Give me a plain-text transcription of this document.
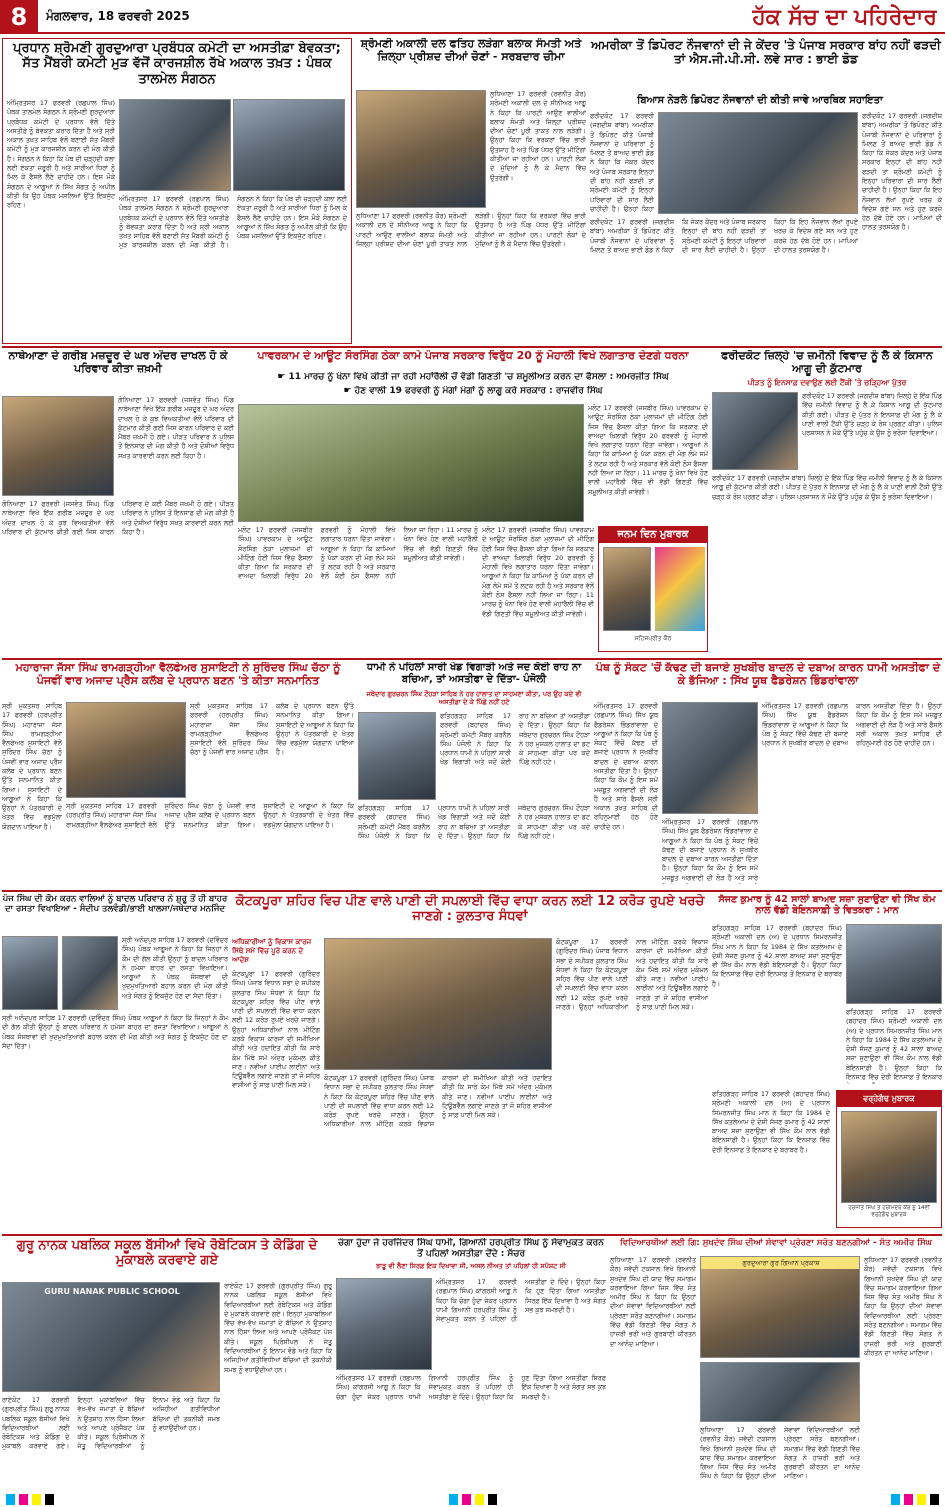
8	ਮੰਗਲਵਾਰ, 18 ਫਰਵਰੀ 2025	ਹੱਕ ਸੱਚ ਦਾ ਪਹਿਰੇਦਾਰ
ਪ੍ਰਧਾਨ ਸ਼੍ਰੋਮਣੀ ਗੁਰਦੁਆਰਾ ਪ੍ਰਬੰਧਕ ਕਮੇਟੀ ਦਾ ਅਸਤੀਫ਼ਾ ਬੇਵਕਤਾ; ਸੱਤ ਮੈਂਬਰੀ ਕਮੇਟੀ ਮੁੜ ਵੱਜੋਂ ਕਾਰਜਸ਼ੀਲ ਰੱਖੇ ਅਕਾਲ ਤਖ਼ਤ : ਪੰਥਕ ਤਾਲਮੇਲ ਸੰਗਠਨ
ਅੰਮ੍ਰਿਤਸਰ 17 ਫਰਵਰੀ (ਰਛਪਾਲ ਸਿੰਘ) ਪੰਥਕ ਤਾਲਮੇਲ ਸੰਗਠਨ ਨੇ ਸ਼੍ਰੋਮਣੀ ਗੁਰਦੁਆਰਾ ਪ੍ਰਬੰਧਕ ਕਮੇਟੀ ਦੇ ਪ੍ਰਧਾਨ ਵੱਲੋਂ ਦਿੱਤੇ ਅਸਤੀਫ਼ੇ ਨੂੰ ਬੇਵਕਤਾ ਕਰਾਰ ਦਿੱਤਾ ਹੈ ਅਤੇ ਸ੍ਰੀ ਅਕਾਲ ਤਖ਼ਤ ਸਾਹਿਬ ਵੱਲੋਂ ਬਣਾਈ ਸੱਤ ਮੈਂਬਰੀ ਕਮੇਟੀ ਨੂੰ ਮੁੜ ਕਾਰਜਸ਼ੀਲ ਕਰਨ ਦੀ ਮੰਗ ਕੀਤੀ ਹੈ। ਸੰਗਠਨ ਨੇ ਕਿਹਾ ਕਿ ਪੰਥ ਦੀ ਚੜ੍ਹਦੀ ਕਲਾ ਲਈ ਏਕਤਾ ਜ਼ਰੂਰੀ ਹੈ ਅਤੇ ਸਾਰੀਆਂ ਧਿਰਾਂ ਨੂੰ ਮਿਲ ਕੇ ਫੈਸਲੇ ਲੈਣੇ ਚਾਹੀਦੇ ਹਨ। ਇਸ ਮੌਕੇ ਸੰਗਠਨ ਦੇ ਆਗੂਆਂ ਨੇ ਸਿੱਖ ਸੰਗਤ ਨੂੰ ਅਪੀਲ ਕੀਤੀ ਕਿ ਉਹ ਪੰਥਕ ਮਸਲਿਆਂ ਉੱਤੇ ਇਕਜੁੱਟ ਰਹਿਣ।
ਅੰਮ੍ਰਿਤਸਰ 17 ਫਰਵਰੀ (ਰਛਪਾਲ ਸਿੰਘ) ਪੰਥਕ ਤਾਲਮੇਲ ਸੰਗਠਨ ਨੇ ਸ਼੍ਰੋਮਣੀ ਗੁਰਦੁਆਰਾ ਪ੍ਰਬੰਧਕ ਕਮੇਟੀ ਦੇ ਪ੍ਰਧਾਨ ਵੱਲੋਂ ਦਿੱਤੇ ਅਸਤੀਫ਼ੇ ਨੂੰ ਬੇਵਕਤਾ ਕਰਾਰ ਦਿੱਤਾ ਹੈ ਅਤੇ ਸ੍ਰੀ ਅਕਾਲ ਤਖ਼ਤ ਸਾਹਿਬ ਵੱਲੋਂ ਬਣਾਈ ਸੱਤ ਮੈਂਬਰੀ ਕਮੇਟੀ ਨੂੰ ਮੁੜ ਕਾਰਜਸ਼ੀਲ ਕਰਨ ਦੀ ਮੰਗ ਕੀਤੀ ਹੈ। ਸੰਗਠਨ ਨੇ ਕਿਹਾ ਕਿ ਪੰਥ ਦੀ ਚੜ੍ਹਦੀ ਕਲਾ ਲਈ ਏਕਤਾ ਜ਼ਰੂਰੀ ਹੈ ਅਤੇ ਸਾਰੀਆਂ ਧਿਰਾਂ ਨੂੰ ਮਿਲ ਕੇ ਫੈਸਲੇ ਲੈਣੇ ਚਾਹੀਦੇ ਹਨ। ਇਸ ਮੌਕੇ ਸੰਗਠਨ ਦੇ ਆਗੂਆਂ ਨੇ ਸਿੱਖ ਸੰਗਤ ਨੂੰ ਅਪੀਲ ਕੀਤੀ ਕਿ ਉਹ ਪੰਥਕ ਮਸਲਿਆਂ ਉੱਤੇ ਇਕਜੁੱਟ ਰਹਿਣ।
ਸ਼੍ਰੋਮਣੀ ਅਕਾਲੀ ਦਲ ਫਤਿਹ ਲੜੇਗਾ ਬਲਾਕ ਸੰਮਤੀ ਅਤੇ ਜ਼ਿਲ੍ਹਾ ਪ੍ਰੀਸ਼ਦ ਦੀਆਂ ਚੋਣਾਂ - ਸਰਬਦਾਰ ਚੀਮਾ
ਲੁਧਿਆਣਾ 17 ਫਰਵਰੀ (ਰਵਨੀਤ ਕੌਰ) ਸ਼੍ਰੋਮਣੀ ਅਕਾਲੀ ਦਲ ਦੇ ਸੀਨੀਅਰ ਆਗੂ ਨੇ ਕਿਹਾ ਕਿ ਪਾਰਟੀ ਆਉਣ ਵਾਲੀਆਂ ਬਲਾਕ ਸੰਮਤੀ ਅਤੇ ਜ਼ਿਲ੍ਹਾ ਪ੍ਰੀਸ਼ਦ ਦੀਆਂ ਚੋਣਾਂ ਪੂਰੀ ਤਾਕਤ ਨਾਲ ਲੜੇਗੀ। ਉਨ੍ਹਾਂ ਕਿਹਾ ਕਿ ਵਰਕਰਾਂ ਵਿੱਚ ਭਾਰੀ ਉਤਸ਼ਾਹ ਹੈ ਅਤੇ ਪਿੰਡ ਪੱਧਰ ਉੱਤੇ ਮੀਟਿੰਗਾਂ ਕੀਤੀਆਂ ਜਾ ਰਹੀਆਂ ਹਨ। ਪਾਰਟੀ ਲੋਕਾਂ ਦੇ ਮੁੱਦਿਆਂ ਨੂੰ ਲੈ ਕੇ ਮੈਦਾਨ ਵਿੱਚ ਉਤਰੇਗੀ।
ਲੁਧਿਆਣਾ 17 ਫਰਵਰੀ (ਰਵਨੀਤ ਕੌਰ) ਸ਼੍ਰੋਮਣੀ ਅਕਾਲੀ ਦਲ ਦੇ ਸੀਨੀਅਰ ਆਗੂ ਨੇ ਕਿਹਾ ਕਿ ਪਾਰਟੀ ਆਉਣ ਵਾਲੀਆਂ ਬਲਾਕ ਸੰਮਤੀ ਅਤੇ ਜ਼ਿਲ੍ਹਾ ਪ੍ਰੀਸ਼ਦ ਦੀਆਂ ਚੋਣਾਂ ਪੂਰੀ ਤਾਕਤ ਨਾਲ ਲੜੇਗੀ। ਉਨ੍ਹਾਂ ਕਿਹਾ ਕਿ ਵਰਕਰਾਂ ਵਿੱਚ ਭਾਰੀ ਉਤਸ਼ਾਹ ਹੈ ਅਤੇ ਪਿੰਡ ਪੱਧਰ ਉੱਤੇ ਮੀਟਿੰਗਾਂ ਕੀਤੀਆਂ ਜਾ ਰਹੀਆਂ ਹਨ। ਪਾਰਟੀ ਲੋਕਾਂ ਦੇ ਮੁੱਦਿਆਂ ਨੂੰ ਲੈ ਕੇ ਮੈਦਾਨ ਵਿੱਚ ਉਤਰੇਗੀ।
ਅਮਰੀਕਾ ਤੋਂ ਡਿਪੋਰਟ ਨੌਜਵਾਨਾਂ ਦੀ ਜੇ ਕੇਂਦਰ 'ਤੇ ਪੰਜਾਬ ਸਰਕਾਰ ਬਾਂਹ ਨਹੀਂ ਫੜਦੀ ਤਾਂ ਐਸ.ਜੀ.ਪੀ.ਸੀ. ਲਵੇ ਸਾਰ : ਭਾਈ ਡੋਡ
ਬਿਆਸ ਨੇੜਲੇ ਡਿਪੋਰਟ ਨੌਜਵਾਨਾਂ ਦੀ ਕੀਤੀ ਜਾਵੇ ਆਰਥਿਕ ਸਹਾਇਤਾ
ਫਰੀਦਕੋਟ 17 ਫਰਵਰੀ (ਜਗਦੀਸ਼ ਬਾਂਬਾ) ਅਮਰੀਕਾ ਤੋਂ ਡਿਪੋਰਟ ਕੀਤੇ ਪੰਜਾਬੀ ਨੌਜਵਾਨਾਂ ਦੇ ਪਰਿਵਾਰਾਂ ਨੂੰ ਮਿਲਣ ਤੋਂ ਬਾਅਦ ਭਾਈ ਡੋਡ ਨੇ ਕਿਹਾ ਕਿ ਜੇਕਰ ਕੇਂਦਰ ਅਤੇ ਪੰਜਾਬ ਸਰਕਾਰ ਇਨ੍ਹਾਂ ਦੀ ਬਾਂਹ ਨਹੀਂ ਫੜਦੀ ਤਾਂ ਸ਼੍ਰੋਮਣੀ ਕਮੇਟੀ ਨੂੰ ਇਨ੍ਹਾਂ ਪਰਿਵਾਰਾਂ ਦੀ ਸਾਰ ਲੈਣੀ ਚਾਹੀਦੀ ਹੈ। ਉਨ੍ਹਾਂ ਕਿਹਾ
ਫਰੀਦਕੋਟ 17 ਫਰਵਰੀ (ਜਗਦੀਸ਼ ਬਾਂਬਾ) ਅਮਰੀਕਾ ਤੋਂ ਡਿਪੋਰਟ ਕੀਤੇ ਪੰਜਾਬੀ ਨੌਜਵਾਨਾਂ ਦੇ ਪਰਿਵਾਰਾਂ ਨੂੰ ਮਿਲਣ ਤੋਂ ਬਾਅਦ ਭਾਈ ਡੋਡ ਨੇ ਕਿਹਾ ਕਿ ਜੇਕਰ ਕੇਂਦਰ ਅਤੇ ਪੰਜਾਬ ਸਰਕਾਰ ਇਨ੍ਹਾਂ ਦੀ ਬਾਂਹ ਨਹੀਂ ਫੜਦੀ ਤਾਂ ਸ਼੍ਰੋਮਣੀ ਕਮੇਟੀ ਨੂੰ ਇਨ੍ਹਾਂ ਪਰਿਵਾਰਾਂ ਦੀ ਸਾਰ ਲੈਣੀ ਚਾਹੀਦੀ ਹੈ। ਉਨ੍ਹਾਂ ਕਿਹਾ ਕਿ ਇਹ ਨੌਜਵਾਨ ਲੱਖਾਂ ਰੁਪਏ ਖਰਚ ਕੇ ਵਿਦੇਸ਼ ਗਏ ਸਨ ਅਤੇ ਹੁਣ ਕਰਜ਼ੇ ਹੇਠ ਦੱਬੇ ਹੋਏ ਹਨ। ਮਾਪਿਆਂ ਦੀ ਹਾਲਤ ਤਰਸਯੋਗ ਹੈ।
ਫਰੀਦਕੋਟ 17 ਫਰਵਰੀ (ਜਗਦੀਸ਼ ਬਾਂਬਾ) ਅਮਰੀਕਾ ਤੋਂ ਡਿਪੋਰਟ ਕੀਤੇ ਪੰਜਾਬੀ ਨੌਜਵਾਨਾਂ ਦੇ ਪਰਿਵਾਰਾਂ ਨੂੰ ਮਿਲਣ ਤੋਂ ਬਾਅਦ ਭਾਈ ਡੋਡ ਨੇ ਕਿਹਾ ਕਿ ਜੇਕਰ ਕੇਂਦਰ ਅਤੇ ਪੰਜਾਬ ਸਰਕਾਰ ਇਨ੍ਹਾਂ ਦੀ ਬਾਂਹ ਨਹੀਂ ਫੜਦੀ ਤਾਂ ਸ਼੍ਰੋਮਣੀ ਕਮੇਟੀ ਨੂੰ ਇਨ੍ਹਾਂ ਪਰਿਵਾਰਾਂ ਦੀ ਸਾਰ ਲੈਣੀ ਚਾਹੀਦੀ ਹੈ। ਉਨ੍ਹਾਂ ਕਿਹਾ ਕਿ ਇਹ ਨੌਜਵਾਨ ਲੱਖਾਂ ਰੁਪਏ ਖਰਚ ਕੇ ਵਿਦੇਸ਼ ਗਏ ਸਨ ਅਤੇ ਹੁਣ ਕਰਜ਼ੇ ਹੇਠ ਦੱਬੇ ਹੋਏ ਹਨ। ਮਾਪਿਆਂ ਦੀ ਹਾਲਤ ਤਰਸਯੋਗ ਹੈ।
ਨਾਥੇਆਣਾ ਦੇ ਗਰੀਬ ਮਜ਼ਦੂਰ ਦੇ ਘਰ ਅੰਦਰ ਦਾਖਲ ਹੋ ਕੇ ਪਰਿਵਾਰ ਕੀਤਾ ਜ਼ਖ਼ਮੀ
ਗੋਨਿਆਣਾ 17 ਫਰਵਰੀ (ਜਸਵੰਤ ਸਿੰਘ) ਪਿੰਡ ਨਾਥੇਆਣਾ ਵਿਖੇ ਇੱਕ ਗਰੀਬ ਮਜ਼ਦੂਰ ਦੇ ਘਰ ਅੰਦਰ ਦਾਖਲ ਹੋ ਕੇ ਕੁਝ ਵਿਅਕਤੀਆਂ ਵੱਲੋਂ ਪਰਿਵਾਰ ਦੀ ਕੁੱਟਮਾਰ ਕੀਤੀ ਗਈ ਜਿਸ ਕਾਰਨ ਪਰਿਵਾਰ ਦੇ ਕਈ ਮੈਂਬਰ ਜ਼ਖ਼ਮੀ ਹੋ ਗਏ। ਪੀੜਤ ਪਰਿਵਾਰ ਨੇ ਪੁਲਿਸ ਤੋਂ ਇਨਸਾਫ਼ ਦੀ ਮੰਗ ਕੀਤੀ ਹੈ ਅਤੇ ਦੋਸ਼ੀਆਂ ਵਿਰੁੱਧ ਸਖ਼ਤ ਕਾਰਵਾਈ ਕਰਨ ਲਈ ਕਿਹਾ ਹੈ।
ਗੋਨਿਆਣਾ 17 ਫਰਵਰੀ (ਜਸਵੰਤ ਸਿੰਘ) ਪਿੰਡ ਨਾਥੇਆਣਾ ਵਿਖੇ ਇੱਕ ਗਰੀਬ ਮਜ਼ਦੂਰ ਦੇ ਘਰ ਅੰਦਰ ਦਾਖਲ ਹੋ ਕੇ ਕੁਝ ਵਿਅਕਤੀਆਂ ਵੱਲੋਂ ਪਰਿਵਾਰ ਦੀ ਕੁੱਟਮਾਰ ਕੀਤੀ ਗਈ ਜਿਸ ਕਾਰਨ ਪਰਿਵਾਰ ਦੇ ਕਈ ਮੈਂਬਰ ਜ਼ਖ਼ਮੀ ਹੋ ਗਏ। ਪੀੜਤ ਪਰਿਵਾਰ ਨੇ ਪੁਲਿਸ ਤੋਂ ਇਨਸਾਫ਼ ਦੀ ਮੰਗ ਕੀਤੀ ਹੈ ਅਤੇ ਦੋਸ਼ੀਆਂ ਵਿਰੁੱਧ ਸਖ਼ਤ ਕਾਰਵਾਈ ਕਰਨ ਲਈ ਕਿਹਾ ਹੈ।
ਪਾਵਰਕਾਮ ਦੇ ਆਊਟ ਸੋਰਸਿੰਗ ਠੇਕਾ ਕਾਮੇ ਪੰਜਾਬ ਸਰਕਾਰ ਵਿਰੁੱਧ 20 ਨੂੰ ਮੋਹਾਲੀ ਵਿਖੇ ਲਗਾਤਾਰ ਦੇਣਗੇ ਧਰਨਾ
☛ 11 ਮਾਰਚ ਨੂੰ ਖੰਨਾ ਵਿਖੇ ਕੀਤੀ ਜਾ ਰਹੀ ਮਹਾਂਰੈਲੀ ਚੋਂ ਵੱਡੀ ਗਿਣਤੀ 'ਚ ਸ਼ਮੂਲੀਅਤ ਕਰਨ ਦਾ ਫੈਸਲਾ : ਅਮਰਜੀਤ ਸਿੰਘ
☛ ਹੋਣ ਵਾਲੀ 19 ਫਰਵਰੀ ਨੂੰ ਮੰਗਾਂ ਮੰਗਾਂ ਨੂੰ ਲਾਗੂ ਕਰੇ ਸਰਕਾਰ : ਰਾਜਵੀਰ ਸਿੰਘ
ਮਲੋਟ 17 ਫਰਵਰੀ (ਜਸਬੀਰ ਸਿੰਘ) ਪਾਵਰਕਾਮ ਦੇ ਆਊਟ ਸੋਰਸਿੰਗ ਠੇਕਾ ਮੁਲਾਜ਼ਮਾਂ ਦੀ ਮੀਟਿੰਗ ਹੋਈ ਜਿਸ ਵਿੱਚ ਫੈਸਲਾ ਕੀਤਾ ਗਿਆ ਕਿ ਸਰਕਾਰ ਦੀ ਵਾਅਦਾ ਖ਼ਿਲਾਫ਼ੀ ਵਿਰੁੱਧ 20 ਫਰਵਰੀ ਨੂੰ ਮੋਹਾਲੀ ਵਿਖੇ ਲਗਾਤਾਰ ਧਰਨਾ ਦਿੱਤਾ ਜਾਵੇਗਾ। ਆਗੂਆਂ ਨੇ ਕਿਹਾ ਕਿ ਕਾਮਿਆਂ ਨੂੰ ਪੱਕਾ ਕਰਨ ਦੀ ਮੰਗ ਲੰਮੇ ਸਮੇਂ ਤੋਂ ਲਟਕ ਰਹੀ ਹੈ ਅਤੇ ਸਰਕਾਰ ਵੱਲੋਂ ਕੋਈ ਠੋਸ ਫੈਸਲਾ ਨਹੀਂ ਲਿਆ ਜਾ ਰਿਹਾ। 11 ਮਾਰਚ ਨੂੰ ਖੰਨਾ ਵਿਖੇ ਹੋਣ ਵਾਲੀ ਮਹਾਂਰੈਲੀ ਵਿੱਚ ਵੀ ਵੱਡੀ ਗਿਣਤੀ ਵਿੱਚ ਸ਼ਮੂਲੀਅਤ ਕੀਤੀ ਜਾਵੇਗੀ।
ਮਲੋਟ 17 ਫਰਵਰੀ (ਜਸਬੀਰ ਸਿੰਘ) ਪਾਵਰਕਾਮ ਦੇ ਆਊਟ ਸੋਰਸਿੰਗ ਠੇਕਾ ਮੁਲਾਜ਼ਮਾਂ ਦੀ ਮੀਟਿੰਗ ਹੋਈ ਜਿਸ ਵਿੱਚ ਫੈਸਲਾ ਕੀਤਾ ਗਿਆ ਕਿ ਸਰਕਾਰ ਦੀ ਵਾਅਦਾ ਖ਼ਿਲਾਫ਼ੀ ਵਿਰੁੱਧ 20 ਫਰਵਰੀ ਨੂੰ ਮੋਹਾਲੀ ਵਿਖੇ ਲਗਾਤਾਰ ਧਰਨਾ ਦਿੱਤਾ ਜਾਵੇਗਾ। ਆਗੂਆਂ ਨੇ ਕਿਹਾ ਕਿ ਕਾਮਿਆਂ ਨੂੰ ਪੱਕਾ ਕਰਨ ਦੀ ਮੰਗ ਲੰਮੇ ਸਮੇਂ ਤੋਂ ਲਟਕ ਰਹੀ ਹੈ ਅਤੇ ਸਰਕਾਰ ਵੱਲੋਂ ਕੋਈ ਠੋਸ ਫੈਸਲਾ ਨਹੀਂ ਲਿਆ ਜਾ ਰਿਹਾ। 11 ਮਾਰਚ ਨੂੰ ਖੰਨਾ ਵਿਖੇ ਹੋਣ ਵਾਲੀ ਮਹਾਂਰੈਲੀ ਵਿੱਚ ਵੀ ਵੱਡੀ ਗਿਣਤੀ ਵਿੱਚ ਸ਼ਮੂਲੀਅਤ ਕੀਤੀ ਜਾਵੇਗੀ।
ਜਨਮ ਦਿਨ ਮੁਬਾਰਕ
ਸਹਿਜਪ੍ਰੀਤ ਕੌਰ
ਮਲੋਟ 17 ਫਰਵਰੀ (ਜਸਬੀਰ ਸਿੰਘ) ਪਾਵਰਕਾਮ ਦੇ ਆਊਟ ਸੋਰਸਿੰਗ ਠੇਕਾ ਮੁਲਾਜ਼ਮਾਂ ਦੀ ਮੀਟਿੰਗ ਹੋਈ ਜਿਸ ਵਿੱਚ ਫੈਸਲਾ ਕੀਤਾ ਗਿਆ ਕਿ ਸਰਕਾਰ ਦੀ ਵਾਅਦਾ ਖ਼ਿਲਾਫ਼ੀ ਵਿਰੁੱਧ 20 ਫਰਵਰੀ ਨੂੰ ਮੋਹਾਲੀ ਵਿਖੇ ਲਗਾਤਾਰ ਧਰਨਾ ਦਿੱਤਾ ਜਾਵੇਗਾ। ਆਗੂਆਂ ਨੇ ਕਿਹਾ ਕਿ ਕਾਮਿਆਂ ਨੂੰ ਪੱਕਾ ਕਰਨ ਦੀ ਮੰਗ ਲੰਮੇ ਸਮੇਂ ਤੋਂ ਲਟਕ ਰਹੀ ਹੈ ਅਤੇ ਸਰਕਾਰ ਵੱਲੋਂ ਕੋਈ ਠੋਸ ਫੈਸਲਾ ਨਹੀਂ ਲਿਆ ਜਾ ਰਿਹਾ। 11 ਮਾਰਚ ਨੂੰ ਖੰਨਾ ਵਿਖੇ ਹੋਣ ਵਾਲੀ ਮਹਾਂਰੈਲੀ ਵਿੱਚ ਵੀ ਵੱਡੀ ਗਿਣਤੀ ਵਿੱਚ ਸ਼ਮੂਲੀਅਤ ਕੀਤੀ ਜਾਵੇਗੀ।
ਫਰੀਦਕੋਟ ਜ਼ਿਲ੍ਹੇ 'ਚ ਜ਼ਮੀਨੀ ਵਿਵਾਦ ਨੂੰ ਲੈ ਕੇ ਕਿਸਾਨ ਆਗੂ ਦੀ ਕੁੱਟਮਾਰ
ਪੀੜਤ ਨੂੰ ਇਨਸਾਫ਼ ਦਵਾਉਣ ਲਈ ਟੈਂਕੀ 'ਤੇ ਚੜ੍ਹਿਆ ਪੁੱਤਰ
ਫਰੀਦਕੋਟ 17 ਫਰਵਰੀ (ਜਗਦੀਸ਼ ਬਾਂਬਾ) ਜ਼ਿਲ੍ਹੇ ਦੇ ਇੱਕ ਪਿੰਡ ਵਿੱਚ ਜ਼ਮੀਨੀ ਵਿਵਾਦ ਨੂੰ ਲੈ ਕੇ ਕਿਸਾਨ ਆਗੂ ਦੀ ਕੁੱਟਮਾਰ ਕੀਤੀ ਗਈ। ਪੀੜਤ ਦੇ ਪੁੱਤਰ ਨੇ ਇਨਸਾਫ਼ ਦੀ ਮੰਗ ਨੂੰ ਲੈ ਕੇ ਪਾਣੀ ਵਾਲੀ ਟੈਂਕੀ ਉੱਤੇ ਚੜ੍ਹ ਕੇ ਰੋਸ ਪ੍ਰਗਟ ਕੀਤਾ। ਪੁਲਿਸ ਪ੍ਰਸ਼ਾਸਨ ਨੇ ਮੌਕੇ ਉੱਤੇ ਪਹੁੰਚ ਕੇ ਉਸ ਨੂੰ ਭਰੋਸਾ ਦਿਵਾਇਆ।
ਫਰੀਦਕੋਟ 17 ਫਰਵਰੀ (ਜਗਦੀਸ਼ ਬਾਂਬਾ) ਜ਼ਿਲ੍ਹੇ ਦੇ ਇੱਕ ਪਿੰਡ ਵਿੱਚ ਜ਼ਮੀਨੀ ਵਿਵਾਦ ਨੂੰ ਲੈ ਕੇ ਕਿਸਾਨ ਆਗੂ ਦੀ ਕੁੱਟਮਾਰ ਕੀਤੀ ਗਈ। ਪੀੜਤ ਦੇ ਪੁੱਤਰ ਨੇ ਇਨਸਾਫ਼ ਦੀ ਮੰਗ ਨੂੰ ਲੈ ਕੇ ਪਾਣੀ ਵਾਲੀ ਟੈਂਕੀ ਉੱਤੇ ਚੜ੍ਹ ਕੇ ਰੋਸ ਪ੍ਰਗਟ ਕੀਤਾ। ਪੁਲਿਸ ਪ੍ਰਸ਼ਾਸਨ ਨੇ ਮੌਕੇ ਉੱਤੇ ਪਹੁੰਚ ਕੇ ਉਸ ਨੂੰ ਭਰੋਸਾ ਦਿਵਾਇਆ।
ਮਹਾਰਾਜਾ ਜੱਸਾ ਸਿੰਘ ਰਾਮਗੜ੍ਹੀਆ ਵੈਲਫੇਅਰ ਸੁਸਾਇਟੀ ਨੇ ਸੁਰਿੰਦਰ ਸਿੰਘ ਚੱਠਾ ਨੂੰ ਪੰਜਵੀਂ ਵਾਰ ਅਜਾਦ ਪ੍ਰੈਸ ਕਲੱਬ ਦੇ ਪ੍ਰਧਾਨ ਬਣਨ 'ਤੇ ਕੀਤਾ ਸਨਮਾਨਿਤ
ਸ੍ਰੀ ਮੁਕਤਸਰ ਸਾਹਿਬ 17 ਫਰਵਰੀ (ਹਰਪ੍ਰੀਤ ਸਿੰਘ) ਮਹਾਰਾਜਾ ਜੱਸਾ ਸਿੰਘ ਰਾਮਗੜ੍ਹੀਆ ਵੈਲਫੇਅਰ ਸੁਸਾਇਟੀ ਵੱਲੋਂ ਸੁਰਿੰਦਰ ਸਿੰਘ ਚੱਠਾ ਨੂੰ ਪੰਜਵੀਂ ਵਾਰ ਅਜਾਦ ਪ੍ਰੈਸ ਕਲੱਬ ਦੇ ਪ੍ਰਧਾਨ ਬਣਨ ਉੱਤੇ ਸਨਮਾਨਿਤ ਕੀਤਾ ਗਿਆ। ਸੁਸਾਇਟੀ ਦੇ ਆਗੂਆਂ ਨੇ ਕਿਹਾ ਕਿ ਉਨ੍ਹਾਂ ਨੇ ਪੱਤਰਕਾਰੀ ਦੇ ਖੇਤਰ ਵਿੱਚ ਵਡਮੁੱਲਾ ਯੋਗਦਾਨ ਪਾਇਆ ਹੈ।
ਸ੍ਰੀ ਮੁਕਤਸਰ ਸਾਹਿਬ 17 ਫਰਵਰੀ (ਹਰਪ੍ਰੀਤ ਸਿੰਘ) ਮਹਾਰਾਜਾ ਜੱਸਾ ਸਿੰਘ ਰਾਮਗੜ੍ਹੀਆ ਵੈਲਫੇਅਰ ਸੁਸਾਇਟੀ ਵੱਲੋਂ ਸੁਰਿੰਦਰ ਸਿੰਘ ਚੱਠਾ ਨੂੰ ਪੰਜਵੀਂ ਵਾਰ ਅਜਾਦ ਪ੍ਰੈਸ ਕਲੱਬ ਦੇ ਪ੍ਰਧਾਨ ਬਣਨ ਉੱਤੇ ਸਨਮਾਨਿਤ ਕੀਤਾ ਗਿਆ। ਸੁਸਾਇਟੀ ਦੇ ਆਗੂਆਂ ਨੇ ਕਿਹਾ ਕਿ ਉਨ੍ਹਾਂ ਨੇ ਪੱਤਰਕਾਰੀ ਦੇ ਖੇਤਰ ਵਿੱਚ ਵਡਮੁੱਲਾ ਯੋਗਦਾਨ ਪਾਇਆ ਹੈ।
ਸ੍ਰੀ ਮੁਕਤਸਰ ਸਾਹਿਬ 17 ਫਰਵਰੀ (ਹਰਪ੍ਰੀਤ ਸਿੰਘ) ਮਹਾਰਾਜਾ ਜੱਸਾ ਸਿੰਘ ਰਾਮਗੜ੍ਹੀਆ ਵੈਲਫੇਅਰ ਸੁਸਾਇਟੀ ਵੱਲੋਂ ਸੁਰਿੰਦਰ ਸਿੰਘ ਚੱਠਾ ਨੂੰ ਪੰਜਵੀਂ ਵਾਰ ਅਜਾਦ ਪ੍ਰੈਸ ਕਲੱਬ ਦੇ ਪ੍ਰਧਾਨ ਬਣਨ ਉੱਤੇ ਸਨਮਾਨਿਤ ਕੀਤਾ ਗਿਆ। ਸੁਸਾਇਟੀ ਦੇ ਆਗੂਆਂ ਨੇ ਕਿਹਾ ਕਿ ਉਨ੍ਹਾਂ ਨੇ ਪੱਤਰਕਾਰੀ ਦੇ ਖੇਤਰ ਵਿੱਚ ਵਡਮੁੱਲਾ ਯੋਗਦਾਨ ਪਾਇਆ ਹੈ।
ਧਾਮੀ ਨੇ ਪਹਿਲਾਂ ਸਾਰੀ ਖੇਡ ਵਿਗਾੜੀ ਅਤੇ ਜਦ ਕੋਈ ਰਾਹ ਨਾ ਬਚਿਆ, ਤਾਂ ਅਸਤੀਫਾ ਦੇ ਦਿੱਤਾ- ਪੰਜੋਲੀ
ਜਥੇਦਾਰ ਗੁਰਚਰਨ ਸਿੰਘ ਟੌਹੜਾ ਸਾਹਿਬ ਨੇ ਹਰ ਹਾਲਾਤ ਦਾ ਸਾਹਮਣਾ ਕੀਤਾ, ਪਰ ਉਹ ਕਦੇ ਵੀ ਅਸਤੀਫ਼ਾ ਦੇ ਕੇ ਪਿੱਛੇ ਨਹੀਂ ਹਟੇ
ਫਤਿਹਗੜ੍ਹ ਸਾਹਿਬ 17 ਫਰਵਰੀ (ਬਹਾਦਰ ਸਿੰਘ) ਸ਼੍ਰੋਮਣੀ ਕਮੇਟੀ ਮੈਂਬਰ ਕਰਨੈਲ ਸਿੰਘ ਪੰਜੋਲੀ ਨੇ ਕਿਹਾ ਕਿ ਪ੍ਰਧਾਨ ਧਾਮੀ ਨੇ ਪਹਿਲਾਂ ਸਾਰੀ ਖੇਡ ਵਿਗਾੜੀ ਅਤੇ ਜਦੋਂ ਕੋਈ ਰਾਹ ਨਾ ਬਚਿਆ ਤਾਂ ਅਸਤੀਫ਼ਾ ਦੇ ਦਿੱਤਾ। ਉਨ੍ਹਾਂ ਕਿਹਾ ਕਿ ਜਥੇਦਾਰ ਗੁਰਚਰਨ ਸਿੰਘ ਟੌਹੜਾ ਨੇ ਹਰ ਮੁਸ਼ਕਲ ਹਾਲਾਤ ਦਾ ਡਟ ਕੇ ਸਾਹਮਣਾ ਕੀਤਾ ਪਰ ਕਦੇ ਪਿੱਛੇ ਨਹੀਂ ਹਟੇ।
ਫਤਿਹਗੜ੍ਹ ਸਾਹਿਬ 17 ਫਰਵਰੀ (ਬਹਾਦਰ ਸਿੰਘ) ਸ਼੍ਰੋਮਣੀ ਕਮੇਟੀ ਮੈਂਬਰ ਕਰਨੈਲ ਸਿੰਘ ਪੰਜੋਲੀ ਨੇ ਕਿਹਾ ਕਿ ਪ੍ਰਧਾਨ ਧਾਮੀ ਨੇ ਪਹਿਲਾਂ ਸਾਰੀ ਖੇਡ ਵਿਗਾੜੀ ਅਤੇ ਜਦੋਂ ਕੋਈ ਰਾਹ ਨਾ ਬਚਿਆ ਤਾਂ ਅਸਤੀਫ਼ਾ ਦੇ ਦਿੱਤਾ। ਉਨ੍ਹਾਂ ਕਿਹਾ ਕਿ ਜਥੇਦਾਰ ਗੁਰਚਰਨ ਸਿੰਘ ਟੌਹੜਾ ਨੇ ਹਰ ਮੁਸ਼ਕਲ ਹਾਲਾਤ ਦਾ ਡਟ ਕੇ ਸਾਹਮਣਾ ਕੀਤਾ ਪਰ ਕਦੇ ਪਿੱਛੇ ਨਹੀਂ ਹਟੇ।
ਪੰਥ ਨੂੰ ਸੰਕਟ 'ਚੋਂ ਕੱਢਣ ਦੀ ਬਜਾਏ ਸੁਖਬੀਰ ਬਾਦਲ ਦੇ ਦਬਾਅ ਕਾਰਨ ਧਾਮੀ ਅਸਤੀਫਾ ਦੇ ਕੇ ਭੱਜਿਆ : ਸਿੱਖ ਯੂਥ ਫੈਡਰੇਸ਼ਨ ਭਿੰਡਰਾਂਵਾਲਾ
ਅੰਮ੍ਰਿਤਸਰ 17 ਫਰਵਰੀ (ਰਛਪਾਲ ਸਿੰਘ) ਸਿੱਖ ਯੂਥ ਫੈਡਰੇਸ਼ਨ ਭਿੰਡਰਾਂਵਾਲਾ ਦੇ ਆਗੂਆਂ ਨੇ ਕਿਹਾ ਕਿ ਪੰਥ ਨੂੰ ਸੰਕਟ ਵਿੱਚੋਂ ਕੱਢਣ ਦੀ ਬਜਾਏ ਪ੍ਰਧਾਨ ਨੇ ਸੁਖਬੀਰ ਬਾਦਲ ਦੇ ਦਬਾਅ ਕਾਰਨ ਅਸਤੀਫ਼ਾ ਦਿੱਤਾ ਹੈ। ਉਨ੍ਹਾਂ ਕਿਹਾ ਕਿ ਕੌਮ ਨੂੰ ਇਸ ਸਮੇਂ ਮਜ਼ਬੂਤ ਅਗਵਾਈ ਦੀ ਲੋੜ ਹੈ ਅਤੇ ਸਾਰੇ ਫੈਸਲੇ ਸ੍ਰੀ ਅਕਾਲ ਤਖ਼ਤ ਸਾਹਿਬ ਦੀ ਰਹਿਨੁਮਾਈ ਹੇਠ ਹੋਣੇ ਚਾਹੀਦੇ ਹਨ।
ਅੰਮ੍ਰਿਤਸਰ 17 ਫਰਵਰੀ (ਰਛਪਾਲ ਸਿੰਘ) ਸਿੱਖ ਯੂਥ ਫੈਡਰੇਸ਼ਨ ਭਿੰਡਰਾਂਵਾਲਾ ਦੇ ਆਗੂਆਂ ਨੇ ਕਿਹਾ ਕਿ ਪੰਥ ਨੂੰ ਸੰਕਟ ਵਿੱਚੋਂ ਕੱਢਣ ਦੀ ਬਜਾਏ ਪ੍ਰਧਾਨ ਨੇ ਸੁਖਬੀਰ ਬਾਦਲ ਦੇ ਦਬਾਅ ਕਾਰਨ ਅਸਤੀਫ਼ਾ ਦਿੱਤਾ ਹੈ। ਉਨ੍ਹਾਂ ਕਿਹਾ ਕਿ ਕੌਮ ਨੂੰ ਇਸ ਸਮੇਂ ਮਜ਼ਬੂਤ ਅਗਵਾਈ ਦੀ ਲੋੜ ਹੈ ਅਤੇ ਸਾਰੇ ਫੈਸਲੇ ਸ੍ਰੀ ਅਕਾਲ ਤਖ਼ਤ ਸਾਹਿਬ ਦੀ ਰਹਿਨੁਮਾਈ ਹੇਠ ਹੋਣੇ ਚਾਹੀਦੇ ਹਨ।
ਅੰਮ੍ਰਿਤਸਰ 17 ਫਰਵਰੀ (ਰਛਪਾਲ ਸਿੰਘ) ਸਿੱਖ ਯੂਥ ਫੈਡਰੇਸ਼ਨ ਭਿੰਡਰਾਂਵਾਲਾ ਦੇ ਆਗੂਆਂ ਨੇ ਕਿਹਾ ਕਿ ਪੰਥ ਨੂੰ ਸੰਕਟ ਵਿੱਚੋਂ ਕੱਢਣ ਦੀ ਬਜਾਏ ਪ੍ਰਧਾਨ ਨੇ ਸੁਖਬੀਰ ਬਾਦਲ ਦੇ ਦਬਾਅ ਕਾਰਨ ਅਸਤੀਫ਼ਾ ਦਿੱਤਾ ਹੈ। ਉਨ੍ਹਾਂ ਕਿਹਾ ਕਿ ਕੌਮ ਨੂੰ ਇਸ ਸਮੇਂ ਮਜ਼ਬੂਤ ਅਗਵਾਈ ਦੀ ਲੋੜ ਹੈ ਅਤੇ ਸਾਰੇ
ਪੰਜ ਸਿੰਘ ਦੀ ਕੌਮ ਕਰਨ ਵਾਲਿਆਂ ਨੂੰ ਬਾਦਲ ਪਰਿਵਾਰ ਨੇ ਸ਼ੁਰੂ ਤੋਂ ਹੀ ਬਾਹਰ ਦਾ ਰਸਤਾ ਵਿਖਾਇਆ - ਸੰਦੀਪ ਤਲਵੰਡੀ/ਭਾਈ ਖਾਲਸਾ/ਜਥੇਦਾਰ ਮਨਜਿੰਦ
ਸ੍ਰੀ ਅਨੰਦਪੁਰ ਸਾਹਿਬ 17 ਫਰਵਰੀ (ਦਵਿੰਦਰ ਸਿੰਘ) ਪੰਥਕ ਆਗੂਆਂ ਨੇ ਕਿਹਾ ਕਿ ਜਿਨ੍ਹਾਂ ਨੇ ਕੌਮ ਦੀ ਗੱਲ ਕੀਤੀ ਉਨ੍ਹਾਂ ਨੂੰ ਬਾਦਲ ਪਰਿਵਾਰ ਨੇ ਹਮੇਸ਼ਾ ਬਾਹਰ ਦਾ ਰਸਤਾ ਵਿਖਾਇਆ। ਆਗੂਆਂ ਨੇ ਪੰਥਕ ਸੰਸਥਾਵਾਂ ਦੀ ਖੁਦਮੁਖਤਿਆਰੀ ਬਹਾਲ ਕਰਨ ਦੀ ਮੰਗ ਕੀਤੀ ਅਤੇ ਸੰਗਤ ਨੂੰ ਇਕਜੁੱਟ ਹੋਣ ਦਾ ਸੱਦਾ ਦਿੱਤਾ।
ਸ੍ਰੀ ਅਨੰਦਪੁਰ ਸਾਹਿਬ 17 ਫਰਵਰੀ (ਦਵਿੰਦਰ ਸਿੰਘ) ਪੰਥਕ ਆਗੂਆਂ ਨੇ ਕਿਹਾ ਕਿ ਜਿਨ੍ਹਾਂ ਨੇ ਕੌਮ ਦੀ ਗੱਲ ਕੀਤੀ ਉਨ੍ਹਾਂ ਨੂੰ ਬਾਦਲ ਪਰਿਵਾਰ ਨੇ ਹਮੇਸ਼ਾ ਬਾਹਰ ਦਾ ਰਸਤਾ ਵਿਖਾਇਆ। ਆਗੂਆਂ ਨੇ ਪੰਥਕ ਸੰਸਥਾਵਾਂ ਦੀ ਖੁਦਮੁਖਤਿਆਰੀ ਬਹਾਲ ਕਰਨ ਦੀ ਮੰਗ ਕੀਤੀ ਅਤੇ ਸੰਗਤ ਨੂੰ ਇਕਜੁੱਟ ਹੋਣ ਦਾ ਸੱਦਾ ਦਿੱਤਾ।
ਕੋਟਕਪੂਰਾ ਸ਼ਹਿਰ ਵਿਚ ਪੀਣ ਵਾਲੇ ਪਾਣੀ ਦੀ ਸਪਲਾਈ ਵਿੱਚ ਵਾਧਾ ਕਰਨ ਲਈ 12 ਕਰੋੜ ਰੁਪਏ ਖਰਚੇ ਜਾਣਗੇ : ਕੁਲਤਾਰ ਸੰਧਵਾਂ
ਅਧਿਕਾਰੀਆਂ ਨੂੰ ਵਿਕਾਸ ਕਾਰਜ ਮਿੱਥੇ ਸਮੇਂ ਵਿੱਚ ਪੂਰੇ ਕਰਨ ਦੇ ਆਦੇਸ਼
ਕੋਟਕਪੂਰਾ 17 ਫਰਵਰੀ (ਗੁਰਿੰਦਰ ਸਿੰਘ) ਪੰਜਾਬ ਵਿਧਾਨ ਸਭਾ ਦੇ ਸਪੀਕਰ ਕੁਲਤਾਰ ਸਿੰਘ ਸੰਧਵਾਂ ਨੇ ਕਿਹਾ ਕਿ ਕੋਟਕਪੂਰਾ ਸ਼ਹਿਰ ਵਿੱਚ ਪੀਣ ਵਾਲੇ ਪਾਣੀ ਦੀ ਸਪਲਾਈ ਵਿੱਚ ਵਾਧਾ ਕਰਨ ਲਈ 12 ਕਰੋੜ ਰੁਪਏ ਖਰਚੇ ਜਾਣਗੇ। ਉਨ੍ਹਾਂ ਅਧਿਕਾਰੀਆਂ ਨਾਲ ਮੀਟਿੰਗ ਕਰਕੇ ਵਿਕਾਸ ਕਾਰਜਾਂ ਦੀ ਸਮੀਖਿਆ ਕੀਤੀ ਅਤੇ ਹਦਾਇਤ ਕੀਤੀ ਕਿ ਸਾਰੇ ਕੰਮ ਮਿੱਥੇ ਸਮੇਂ ਅੰਦਰ ਮੁਕੰਮਲ ਕੀਤੇ ਜਾਣ। ਨਵੀਆਂ ਪਾਈਪ ਲਾਈਨਾਂ ਅਤੇ ਟਿਊਬਵੈੱਲ ਲਗਾਏ ਜਾਣਗੇ ਤਾਂ ਜੋ ਸ਼ਹਿਰ ਵਾਸੀਆਂ ਨੂੰ ਸਾਫ਼ ਪਾਣੀ ਮਿਲ ਸਕੇ।
ਕੋਟਕਪੂਰਾ 17 ਫਰਵਰੀ (ਗੁਰਿੰਦਰ ਸਿੰਘ) ਪੰਜਾਬ ਵਿਧਾਨ ਸਭਾ ਦੇ ਸਪੀਕਰ ਕੁਲਤਾਰ ਸਿੰਘ ਸੰਧਵਾਂ ਨੇ ਕਿਹਾ ਕਿ ਕੋਟਕਪੂਰਾ ਸ਼ਹਿਰ ਵਿੱਚ ਪੀਣ ਵਾਲੇ ਪਾਣੀ ਦੀ ਸਪਲਾਈ ਵਿੱਚ ਵਾਧਾ ਕਰਨ ਲਈ 12 ਕਰੋੜ ਰੁਪਏ ਖਰਚੇ ਜਾਣਗੇ। ਉਨ੍ਹਾਂ ਅਧਿਕਾਰੀਆਂ ਨਾਲ ਮੀਟਿੰਗ ਕਰਕੇ ਵਿਕਾਸ ਕਾਰਜਾਂ ਦੀ ਸਮੀਖਿਆ ਕੀਤੀ ਅਤੇ ਹਦਾਇਤ ਕੀਤੀ ਕਿ ਸਾਰੇ ਕੰਮ ਮਿੱਥੇ ਸਮੇਂ ਅੰਦਰ ਮੁਕੰਮਲ ਕੀਤੇ ਜਾਣ। ਨਵੀਆਂ ਪਾਈਪ ਲਾਈਨਾਂ ਅਤੇ ਟਿਊਬਵੈੱਲ ਲਗਾਏ ਜਾਣਗੇ ਤਾਂ ਜੋ ਸ਼ਹਿਰ ਵਾਸੀਆਂ ਨੂੰ ਸਾਫ਼ ਪਾਣੀ ਮਿਲ ਸਕੇ।
ਕੋਟਕਪੂਰਾ 17 ਫਰਵਰੀ (ਗੁਰਿੰਦਰ ਸਿੰਘ) ਪੰਜਾਬ ਵਿਧਾਨ ਸਭਾ ਦੇ ਸਪੀਕਰ ਕੁਲਤਾਰ ਸਿੰਘ ਸੰਧਵਾਂ ਨੇ ਕਿਹਾ ਕਿ ਕੋਟਕਪੂਰਾ ਸ਼ਹਿਰ ਵਿੱਚ ਪੀਣ ਵਾਲੇ ਪਾਣੀ ਦੀ ਸਪਲਾਈ ਵਿੱਚ ਵਾਧਾ ਕਰਨ ਲਈ 12 ਕਰੋੜ ਰੁਪਏ ਖਰਚੇ ਜਾਣਗੇ। ਉਨ੍ਹਾਂ ਅਧਿਕਾਰੀਆਂ ਨਾਲ ਮੀਟਿੰਗ ਕਰਕੇ ਵਿਕਾਸ ਕਾਰਜਾਂ ਦੀ ਸਮੀਖਿਆ ਕੀਤੀ ਅਤੇ ਹਦਾਇਤ ਕੀਤੀ ਕਿ ਸਾਰੇ ਕੰਮ ਮਿੱਥੇ ਸਮੇਂ ਅੰਦਰ ਮੁਕੰਮਲ ਕੀਤੇ ਜਾਣ। ਨਵੀਆਂ ਪਾਈਪ ਲਾਈਨਾਂ ਅਤੇ ਟਿਊਬਵੈੱਲ ਲਗਾਏ ਜਾਣਗੇ ਤਾਂ ਜੋ ਸ਼ਹਿਰ ਵਾਸੀਆਂ ਨੂੰ ਸਾਫ਼ ਪਾਣੀ ਮਿਲ ਸਕੇ।
ਸੱਜਣ ਕੁਮਾਰ ਨੂੰ 42 ਸਾਲਾਂ ਬਾਅਦ ਸਜ਼ਾ ਸੁਣਾਉਣਾ ਵੀ ਸਿੱਖ ਕੌਮ ਨਾਲ ਵੱਡੀ ਬੇਇਨਸਾਫ਼ੀ ਤੇ ਵਿਤਕਰਾ : ਮਾਨ
ਫਤਿਹਗੜ੍ਹ ਸਾਹਿਬ 17 ਫਰਵਰੀ (ਬਹਾਦਰ ਸਿੰਘ) ਸ਼੍ਰੋਮਣੀ ਅਕਾਲੀ ਦਲ (ਅ) ਦੇ ਪ੍ਰਧਾਨ ਸਿਮਰਨਜੀਤ ਸਿੰਘ ਮਾਨ ਨੇ ਕਿਹਾ ਕਿ 1984 ਦੇ ਸਿੱਖ ਕਤਲੇਆਮ ਦੇ ਦੋਸ਼ੀ ਸੱਜਣ ਕੁਮਾਰ ਨੂੰ 42 ਸਾਲਾਂ ਬਾਅਦ ਸਜ਼ਾ ਸੁਣਾਉਣਾ ਵੀ ਸਿੱਖ ਕੌਮ ਨਾਲ ਵੱਡੀ ਬੇਇਨਸਾਫ਼ੀ ਹੈ। ਉਨ੍ਹਾਂ ਕਿਹਾ ਕਿ ਇਨਸਾਫ਼ ਵਿੱਚ ਦੇਰੀ ਇਨਸਾਫ਼ ਤੋਂ ਇਨਕਾਰ ਦੇ ਬਰਾਬਰ ਹੈ।
ਫਤਿਹਗੜ੍ਹ ਸਾਹਿਬ 17 ਫਰਵਰੀ (ਬਹਾਦਰ ਸਿੰਘ) ਸ਼੍ਰੋਮਣੀ ਅਕਾਲੀ ਦਲ (ਅ) ਦੇ ਪ੍ਰਧਾਨ ਸਿਮਰਨਜੀਤ ਸਿੰਘ ਮਾਨ ਨੇ ਕਿਹਾ ਕਿ 1984 ਦੇ ਸਿੱਖ ਕਤਲੇਆਮ ਦੇ ਦੋਸ਼ੀ ਸੱਜਣ ਕੁਮਾਰ ਨੂੰ 42 ਸਾਲਾਂ ਬਾਅਦ ਸਜ਼ਾ ਸੁਣਾਉਣਾ ਵੀ ਸਿੱਖ ਕੌਮ ਨਾਲ ਵੱਡੀ ਬੇਇਨਸਾਫ਼ੀ ਹੈ। ਉਨ੍ਹਾਂ ਕਿਹਾ ਕਿ ਇਨਸਾਫ਼ ਵਿੱਚ ਦੇਰੀ ਇਨਸਾਫ਼ ਤੋਂ ਇਨਕਾਰ
ਵਰ੍ਹੇਗੰਢ ਮੁਬਾਰਕ
ਹਰਜੀਤ ਸਿੰਘ ਤੇ ਹਰਮਿੰਦਰ ਕੌਰ ਨੂੰ 14ਵੀਂ ਵਰ੍ਹੇਗੰਢ ਮੁਬਾਰਕ
ਫਤਿਹਗੜ੍ਹ ਸਾਹਿਬ 17 ਫਰਵਰੀ (ਬਹਾਦਰ ਸਿੰਘ) ਸ਼੍ਰੋਮਣੀ ਅਕਾਲੀ ਦਲ (ਅ) ਦੇ ਪ੍ਰਧਾਨ ਸਿਮਰਨਜੀਤ ਸਿੰਘ ਮਾਨ ਨੇ ਕਿਹਾ ਕਿ 1984 ਦੇ ਸਿੱਖ ਕਤਲੇਆਮ ਦੇ ਦੋਸ਼ੀ ਸੱਜਣ ਕੁਮਾਰ ਨੂੰ 42 ਸਾਲਾਂ ਬਾਅਦ ਸਜ਼ਾ ਸੁਣਾਉਣਾ ਵੀ ਸਿੱਖ ਕੌਮ ਨਾਲ ਵੱਡੀ ਬੇਇਨਸਾਫ਼ੀ ਹੈ। ਉਨ੍ਹਾਂ ਕਿਹਾ ਕਿ ਇਨਸਾਫ਼ ਵਿੱਚ ਦੇਰੀ ਇਨਸਾਫ਼ ਤੋਂ ਇਨਕਾਰ ਦੇ ਬਰਾਬਰ ਹੈ।
ਗੁਰੂ ਨਾਨਕ ਪਬਲਿਕ ਸਕੂਲ ਬੱਸੀਆਂ ਵਿਖੇ ਰੋਬੋਟਿਕਸ ਤੇ ਕੋਡਿੰਗ ਦੇ ਮੁਕਾਬਲੇ ਕਰਵਾਏ ਗਏ
GURU NANAK PUBLIC SCHOOL
ਰਾਏਕੋਟ 17 ਫਰਵਰੀ (ਗੁਰਪ੍ਰੀਤ ਸਿੰਘ) ਗੁਰੂ ਨਾਨਕ ਪਬਲਿਕ ਸਕੂਲ ਬੱਸੀਆਂ ਵਿਖੇ ਵਿਦਿਆਰਥੀਆਂ ਲਈ ਰੋਬੋਟਿਕਸ ਅਤੇ ਕੋਡਿੰਗ ਦੇ ਮੁਕਾਬਲੇ ਕਰਵਾਏ ਗਏ। ਇਨ੍ਹਾਂ ਮੁਕਾਬਲਿਆਂ ਵਿੱਚ ਵੱਖ-ਵੱਖ ਜਮਾਤਾਂ ਦੇ ਬੱਚਿਆਂ ਨੇ ਉਤਸ਼ਾਹ ਨਾਲ ਹਿੱਸਾ ਲਿਆ ਅਤੇ ਆਪਣੇ ਪ੍ਰੋਜੈਕਟ ਪੇਸ਼ ਕੀਤੇ। ਸਕੂਲ ਪ੍ਰਿੰਸੀਪਲ ਨੇ ਜੇਤੂ ਵਿਦਿਆਰਥੀਆਂ ਨੂੰ ਇਨਾਮ ਵੰਡੇ ਅਤੇ ਕਿਹਾ ਕਿ ਅਜਿਹੀਆਂ ਗਤੀਵਿਧੀਆਂ ਬੱਚਿਆਂ ਦੀ ਤਕਨੀਕੀ ਸਮਝ ਨੂੰ ਵਧਾਉਂਦੀਆਂ ਹਨ।
ਰਾਏਕੋਟ 17 ਫਰਵਰੀ (ਗੁਰਪ੍ਰੀਤ ਸਿੰਘ) ਗੁਰੂ ਨਾਨਕ ਪਬਲਿਕ ਸਕੂਲ ਬੱਸੀਆਂ ਵਿਖੇ ਵਿਦਿਆਰਥੀਆਂ ਲਈ ਰੋਬੋਟਿਕਸ ਅਤੇ ਕੋਡਿੰਗ ਦੇ ਮੁਕਾਬਲੇ ਕਰਵਾਏ ਗਏ। ਇਨ੍ਹਾਂ ਮੁਕਾਬਲਿਆਂ ਵਿੱਚ ਵੱਖ-ਵੱਖ ਜਮਾਤਾਂ ਦੇ ਬੱਚਿਆਂ ਨੇ ਉਤਸ਼ਾਹ ਨਾਲ ਹਿੱਸਾ ਲਿਆ ਅਤੇ ਆਪਣੇ ਪ੍ਰੋਜੈਕਟ ਪੇਸ਼ ਕੀਤੇ। ਸਕੂਲ ਪ੍ਰਿੰਸੀਪਲ ਨੇ ਜੇਤੂ ਵਿਦਿਆਰਥੀਆਂ ਨੂੰ ਇਨਾਮ ਵੰਡੇ ਅਤੇ ਕਿਹਾ ਕਿ ਅਜਿਹੀਆਂ ਗਤੀਵਿਧੀਆਂ ਬੱਚਿਆਂ ਦੀ ਤਕਨੀਕੀ ਸਮਝ ਨੂੰ ਵਧਾਉਂਦੀਆਂ ਹਨ।
ਚੰਗਾ ਹੁੰਦਾ ਜੇ ਹਰਜਿੰਦਰ ਸਿੰਘ ਧਾਮੀ, ਗਿਆਨੀ ਹਰਪ੍ਰੀਤ ਸਿੰਘ ਨੂੰ ਸੇਵਾਮੁਕਤ ਕਰਨ ਤੋਂ ਪਹਿਲਾਂ ਅਸਤੀਫ਼ਾ ਦੇਂਦੇ : ਸੱਚਰ
ਝਾੜੂ ਵੀ ਲੈਣਾ ਸਿਰਫ਼ ਇਕ ਦਿਖਾਵਾ ਸੀ, ਅਸਲ ਨੀਅਤ ਤਾਂ ਪਹਿਲਾਂ ਹੀ ਸਪੱਸ਼ਟ ਸੀ
ਅੰਮ੍ਰਿਤਸਰ 17 ਫਰਵਰੀ (ਰਛਪਾਲ ਸਿੰਘ) ਕਾਂਗਰਸੀ ਆਗੂ ਨੇ ਕਿਹਾ ਕਿ ਚੰਗਾ ਹੁੰਦਾ ਜੇਕਰ ਪ੍ਰਧਾਨ ਧਾਮੀ ਗਿਆਨੀ ਹਰਪ੍ਰੀਤ ਸਿੰਘ ਨੂੰ ਸੇਵਾਮੁਕਤ ਕਰਨ ਤੋਂ ਪਹਿਲਾਂ ਹੀ ਅਸਤੀਫ਼ਾ ਦੇ ਦਿੰਦੇ। ਉਨ੍ਹਾਂ ਕਿਹਾ ਕਿ ਹੁਣ ਦਿੱਤਾ ਗਿਆ ਅਸਤੀਫ਼ਾ ਸਿਰਫ਼ ਇੱਕ ਦਿਖਾਵਾ ਹੈ ਅਤੇ ਸੰਗਤ ਸਭ ਕੁਝ ਸਮਝਦੀ ਹੈ।
ਅੰਮ੍ਰਿਤਸਰ 17 ਫਰਵਰੀ (ਰਛਪਾਲ ਸਿੰਘ) ਕਾਂਗਰਸੀ ਆਗੂ ਨੇ ਕਿਹਾ ਕਿ ਚੰਗਾ ਹੁੰਦਾ ਜੇਕਰ ਪ੍ਰਧਾਨ ਧਾਮੀ ਗਿਆਨੀ ਹਰਪ੍ਰੀਤ ਸਿੰਘ ਨੂੰ ਸੇਵਾਮੁਕਤ ਕਰਨ ਤੋਂ ਪਹਿਲਾਂ ਹੀ ਅਸਤੀਫ਼ਾ ਦੇ ਦਿੰਦੇ। ਉਨ੍ਹਾਂ ਕਿਹਾ ਕਿ ਹੁਣ ਦਿੱਤਾ ਗਿਆ ਅਸਤੀਫ਼ਾ ਸਿਰਫ਼ ਇੱਕ ਦਿਖਾਵਾ ਹੈ ਅਤੇ ਸੰਗਤ ਸਭ ਕੁਝ ਸਮਝਦੀ ਹੈ।
ਵਿਦਿਆਰਥੀਆਂ ਲਈ ਗਿ: ਸੁਖਦੇਵ ਸਿੰਘ ਦੀਆਂ ਸੇਵਾਵਾਂ ਪ੍ਰੇਰਣਾ ਸਰੋਤ ਬਣਨਗੀਆਂ - ਸੰਤ ਅਮੀਰ ਸਿੰਘ
ਲੁਧਿਆਣਾ 17 ਫਰਵਰੀ (ਰਵਨੀਤ ਕੌਰ) ਜਵੱਦੀ ਟਕਸਾਲ ਵਿਖੇ ਗਿਆਨੀ ਸੁਖਦੇਵ ਸਿੰਘ ਦੀ ਯਾਦ ਵਿੱਚ ਸਮਾਗਮ ਕਰਵਾਇਆ ਗਿਆ ਜਿਸ ਵਿੱਚ ਸੰਤ ਅਮੀਰ ਸਿੰਘ ਨੇ ਕਿਹਾ ਕਿ ਉਨ੍ਹਾਂ ਦੀਆਂ ਸੇਵਾਵਾਂ ਵਿਦਿਆਰਥੀਆਂ ਲਈ ਪ੍ਰੇਰਣਾ ਸਰੋਤ ਬਣਨਗੀਆਂ। ਸਮਾਗਮ ਵਿੱਚ ਵੱਡੀ ਗਿਣਤੀ ਵਿੱਚ ਸੰਗਤ ਨੇ ਹਾਜ਼ਰੀ ਭਰੀ ਅਤੇ ਗੁਰਬਾਣੀ ਕੀਰਤਨ ਦਾ ਆਨੰਦ ਮਾਣਿਆ।
ਗੁਰਦੁਆਰਾ ਗੁਰ ਗਿਆਨ ਪ੍ਰਕਾਸ਼	ਲੁਧਿਆਣਾ 17 ਫਰਵਰੀ (ਰਵਨੀਤ ਕੌਰ) ਜਵੱਦੀ ਟਕਸਾਲ ਵਿਖੇ ਗਿਆਨੀ ਸੁਖਦੇਵ ਸਿੰਘ ਦੀ ਯਾਦ ਵਿੱਚ ਸਮਾਗਮ ਕਰਵਾਇਆ ਗਿਆ ਜਿਸ ਵਿੱਚ ਸੰਤ ਅਮੀਰ ਸਿੰਘ ਨੇ ਕਿਹਾ ਕਿ ਉਨ੍ਹਾਂ ਦੀਆਂ ਸੇਵਾਵਾਂ ਵਿਦਿਆਰਥੀਆਂ ਲਈ ਪ੍ਰੇਰਣਾ ਸਰੋਤ ਬਣਨਗੀਆਂ। ਸਮਾਗਮ ਵਿੱਚ ਵੱਡੀ ਗਿਣਤੀ ਵਿੱਚ ਸੰਗਤ ਨੇ ਹਾਜ਼ਰੀ ਭਰੀ ਅਤੇ ਗੁਰਬਾਣੀ ਕੀਰਤਨ ਦਾ ਆਨੰਦ ਮਾਣਿਆ।
ਲੁਧਿਆਣਾ 17 ਫਰਵਰੀ (ਰਵਨੀਤ ਕੌਰ) ਜਵੱਦੀ ਟਕਸਾਲ ਵਿਖੇ ਗਿਆਨੀ ਸੁਖਦੇਵ ਸਿੰਘ ਦੀ ਯਾਦ ਵਿੱਚ ਸਮਾਗਮ ਕਰਵਾਇਆ ਗਿਆ ਜਿਸ ਵਿੱਚ ਸੰਤ ਅਮੀਰ ਸਿੰਘ ਨੇ ਕਿਹਾ ਕਿ ਉਨ੍ਹਾਂ ਦੀਆਂ ਸੇਵਾਵਾਂ ਵਿਦਿਆਰਥੀਆਂ ਲਈ ਪ੍ਰੇਰਣਾ ਸਰੋਤ ਬਣਨਗੀਆਂ। ਸਮਾਗਮ ਵਿੱਚ ਵੱਡੀ ਗਿਣਤੀ ਵਿੱਚ ਸੰਗਤ ਨੇ ਹਾਜ਼ਰੀ ਭਰੀ ਅਤੇ ਗੁਰਬਾਣੀ ਕੀਰਤਨ ਦਾ ਆਨੰਦ ਮਾਣਿਆ।
